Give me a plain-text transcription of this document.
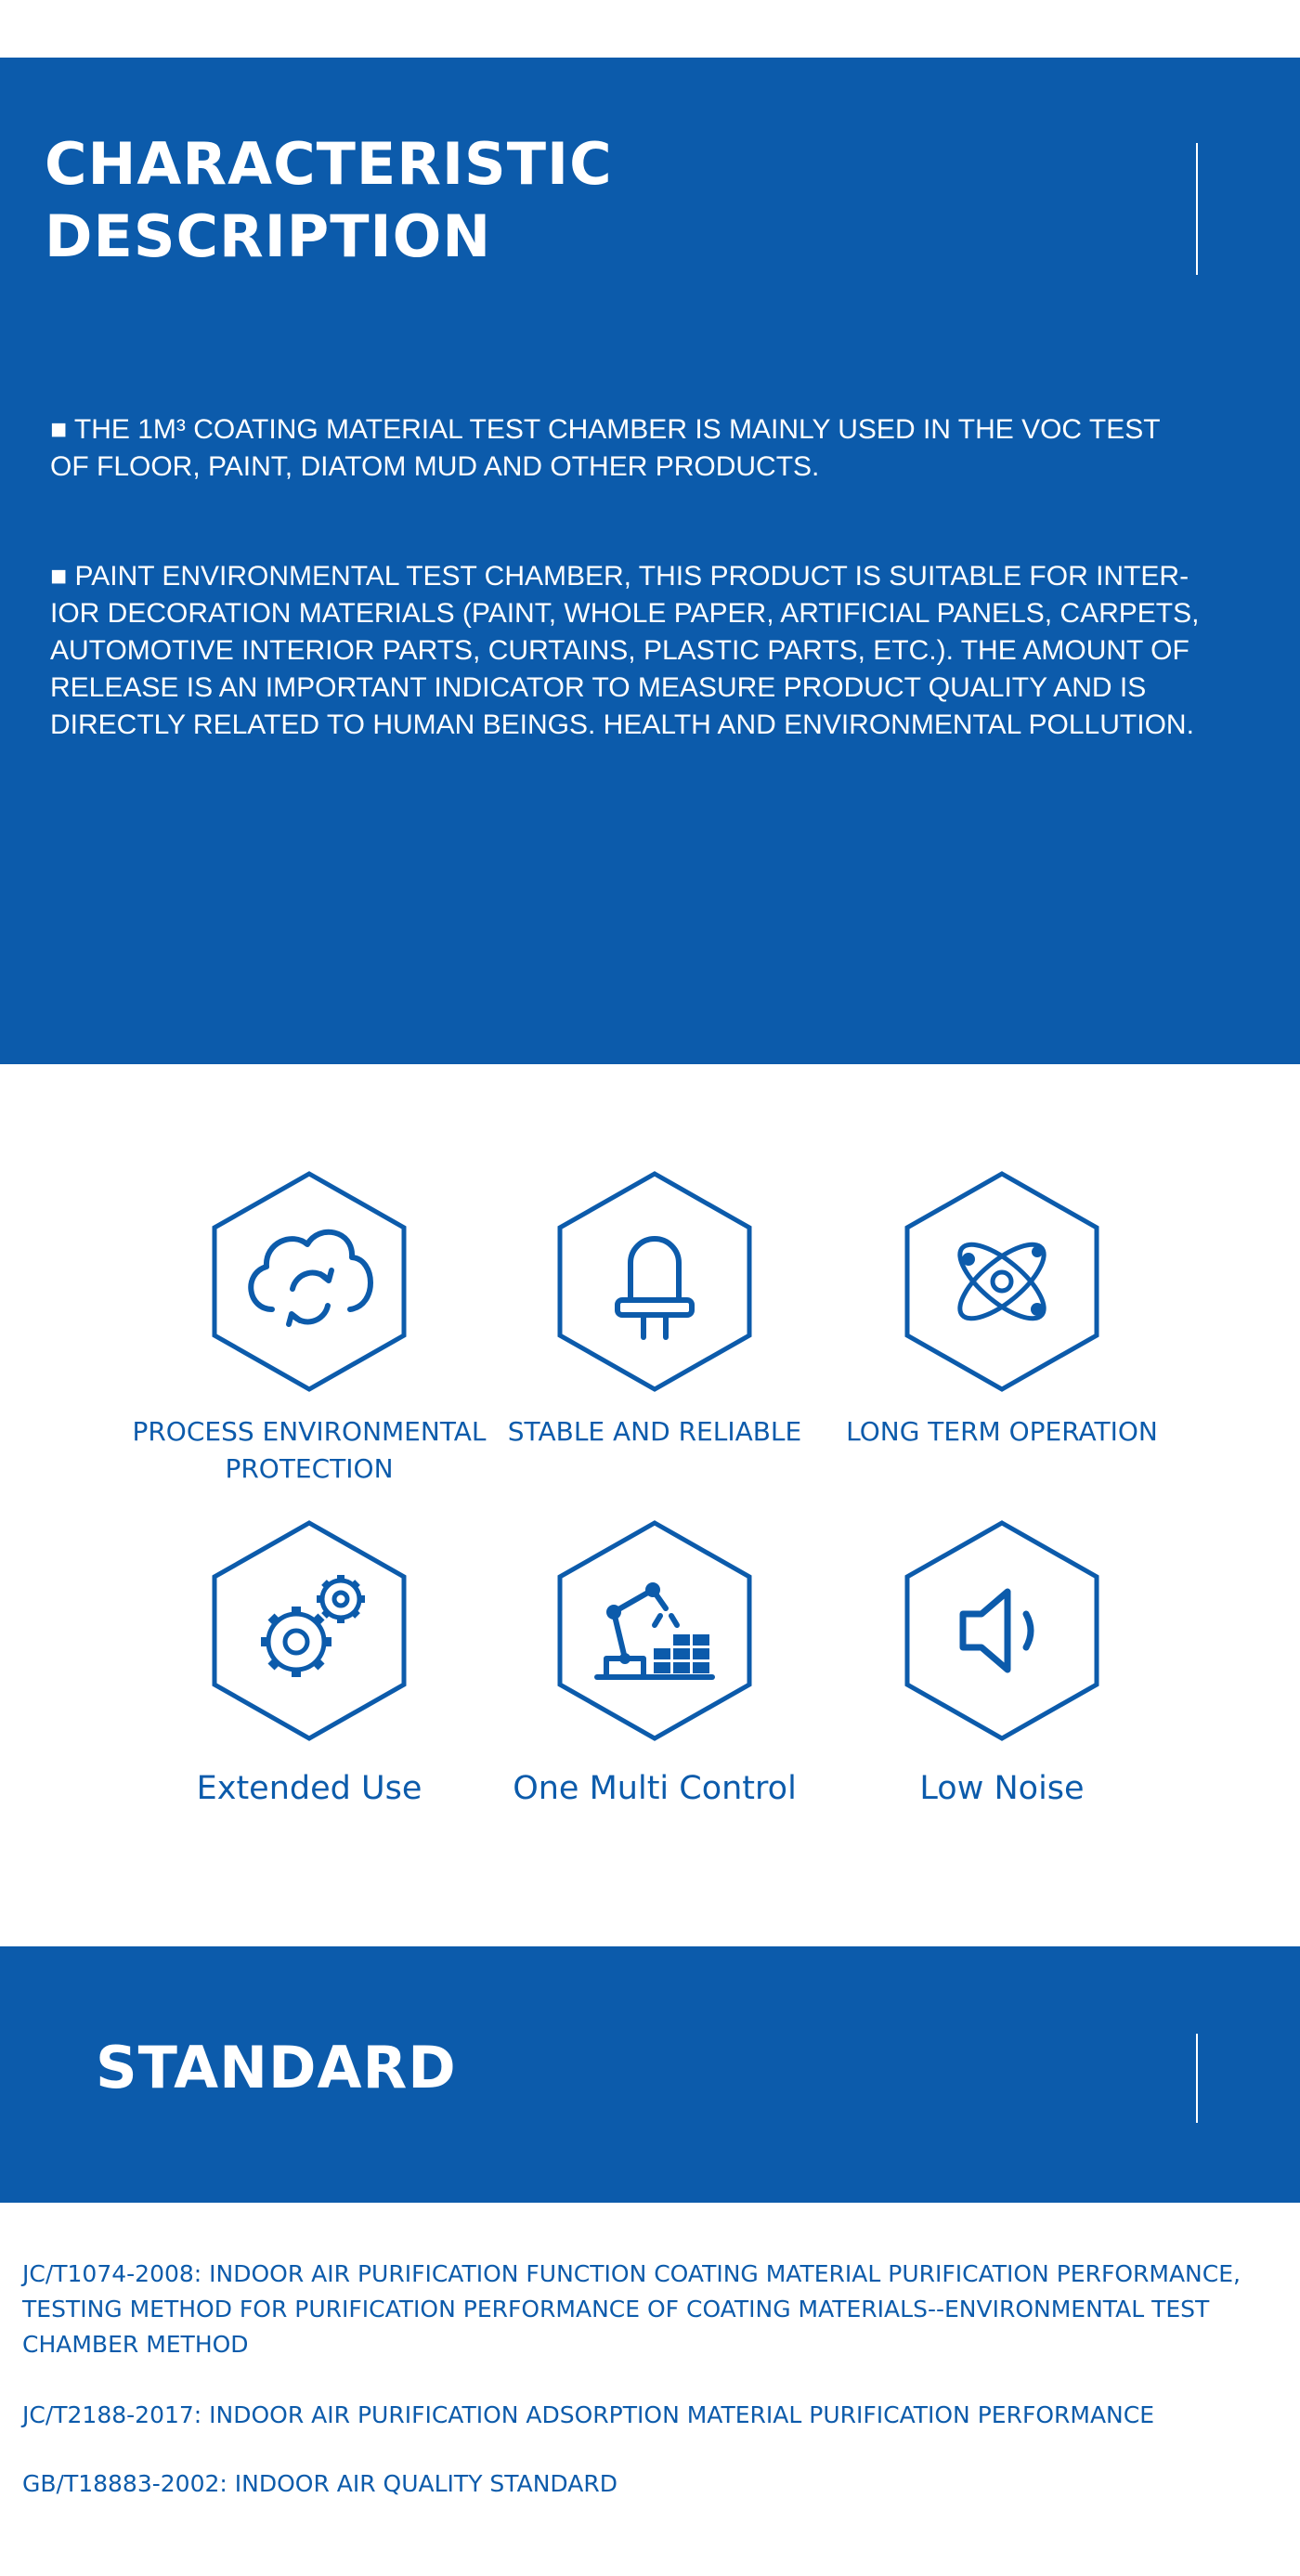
CHARACTERISTIC
DESCRIPTION
■ THE 1M³ COATING MATERIAL TEST CHAMBER IS MAINLY USED IN THE VOC TEST
OF FLOOR, PAINT, DIATOM MUD AND OTHER PRODUCTS.
■ PAINT ENVIRONMENTAL TEST CHAMBER, THIS PRODUCT IS SUITABLE FOR INTER-
IOR DECORATION MATERIALS (PAINT, WHOLE PAPER, ARTIFICIAL PANELS, CARPETS,
AUTOMOTIVE INTERIOR PARTS, CURTAINS, PLASTIC PARTS, ETC.). THE AMOUNT OF
RELEASE IS AN IMPORTANT INDICATOR TO MEASURE PRODUCT QUALITY AND IS
DIRECTLY RELATED TO HUMAN BEINGS. HEALTH AND ENVIRONMENTAL POLLUTION.
PROCESS ENVIRONMENTAL
PROTECTION
STABLE AND RELIABLE	LONG TERM OPERATION
Extended Use	One Multi Control	Low Noise
STANDARD
JC/T1074-2008: INDOOR AIR PURIFICATION FUNCTION COATING MATERIAL PURIFICATION PERFORMANCE,
TESTING METHOD FOR PURIFICATION PERFORMANCE OF COATING MATERIALS--ENVIRONMENTAL TEST
CHAMBER METHOD
JC/T2188-2017: INDOOR AIR PURIFICATION ADSORPTION MATERIAL PURIFICATION PERFORMANCE
GB/T18883-2002: INDOOR AIR QUALITY STANDARD
